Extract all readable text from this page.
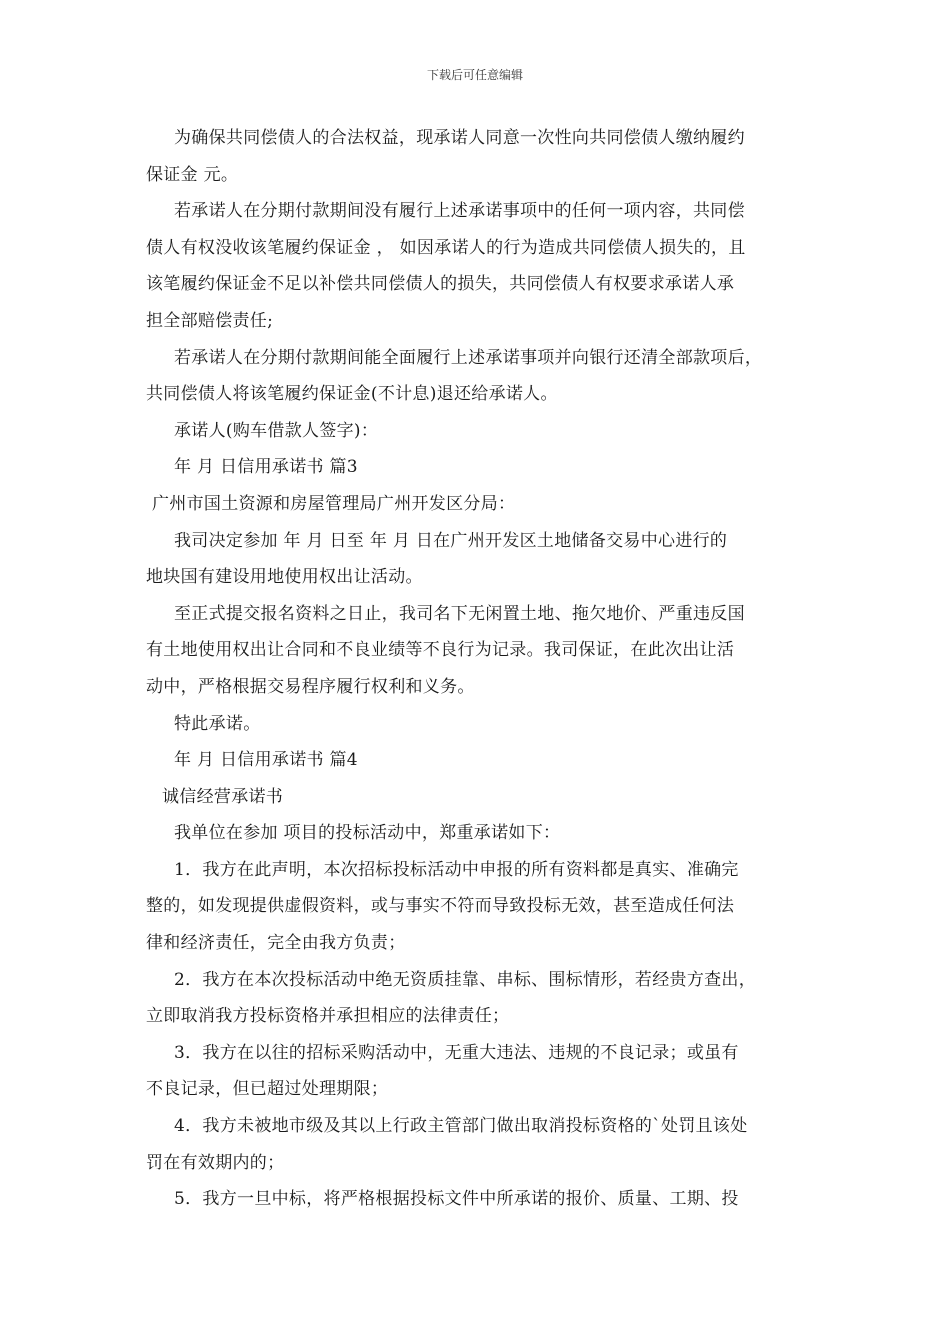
下载后可任意编辑
为确保共同偿债人的合法权益，现承诺人同意一次性向共同偿债人缴纳履约
保证金 元。
若承诺人在分期付款期间没有履行上述承诺事项中的任何一项内容，共同偿
债人有权没收该笔履约保证金 ， 如因承诺人的行为造成共同偿债人损失的，且
该笔履约保证金不足以补偿共同偿债人的损失，共同偿债人有权要求承诺人承
担全部赔偿责任;
若承诺人在分期付款期间能全面履行上述承诺事项并向银行还清全部款项后，
共同偿债人将该笔履约保证金(不计息)退还给承诺人。
承诺人(购车借款人签字)：
年 月 日信用承诺书 篇3
广州市国土资源和房屋管理局广州开发区分局：
我司决定参加 年 月 日至 年 月 日在广州开发区土地储备交易中心进行的
地块国有建设用地使用权出让活动。
至正式提交报名资料之日止，我司名下无闲置土地、拖欠地价、严重违反国
有土地使用权出让合同和不良业绩等不良行为记录。我司保证，在此次出让活
动中，严格根据交易程序履行权利和义务。
特此承诺。
年 月 日信用承诺书 篇4
诚信经营承诺书
我单位在参加 项目的投标活动中，郑重承诺如下：
1．我方在此声明，本次招标投标活动中申报的所有资料都是真实、准确完
整的，如发现提供虚假资料，或与事实不符而导致投标无效，甚至造成任何法
律和经济责任，完全由我方负责；
2．我方在本次投标活动中绝无资质挂靠、串标、围标情形，若经贵方查出，
立即取消我方投标资格并承担相应的法律责任；
3．我方在以往的招标采购活动中，无重大违法、违规的不良记录；或虽有
不良记录，但已超过处理期限；
4．我方未被地市级及其以上行政主管部门做出取消投标资格的`处罚且该处
罚在有效期内的；
5．我方一旦中标，将严格根据投标文件中所承诺的报价、质量、工期、投
